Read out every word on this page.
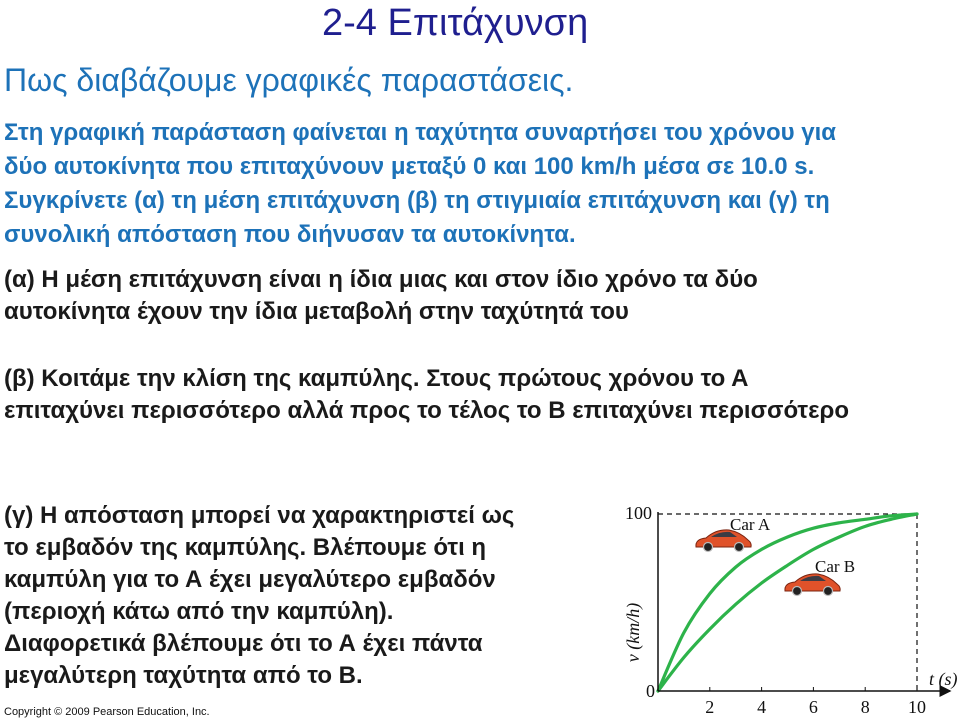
2-4 Επιτάχυνση
Πως διαβάζουμε γραφικές παραστάσεις.
Στη γραφική παράσταση φαίνεται η ταχύτητα συναρτήσει του χρόνου για
δύο αυτοκίνητα που επιταχύνουν μεταξύ 0 και 100 km/h μέσα σε 10.0 s.
Συγκρίνετε (α) τη μέση επιτάχυνση (β) τη στιγμιαία επιτάχυνση και (γ) τη
συνολική απόσταση που διήνυσαν τα αυτοκίνητα.
(α) Η μέση επιτάχυνση είναι η ίδια μιας και στον ίδιο χρόνο τα δύο
αυτοκίνητα έχουν την ίδια μεταβολή στην ταχύτητά του
(β) Κοιτάμε την κλίση της καμπύλης. Στους πρώτους χρόνου το Α
επιταχύνει περισσότερο αλλά προς το τέλος το Β επιταχύνει περισσότερο
(γ) Η απόσταση μπορεί να χαρακτηριστεί ως
το εμβαδόν της καμπύλης. Βλέπουμε ότι η
καμπύλη για το Α έχει μεγαλύτερο εμβαδόν
(περιοχή κάτω από την καμπύλη).
Διαφορετικά βλέπουμε ότι το Α έχει πάντα
μεγαλύτερη ταχύτητα από το Β.
Copyright © 2009 Pearson Education, Inc.
0
2 4 6 8 10
100
v (km/h)
t (s)
Car A
Car B
